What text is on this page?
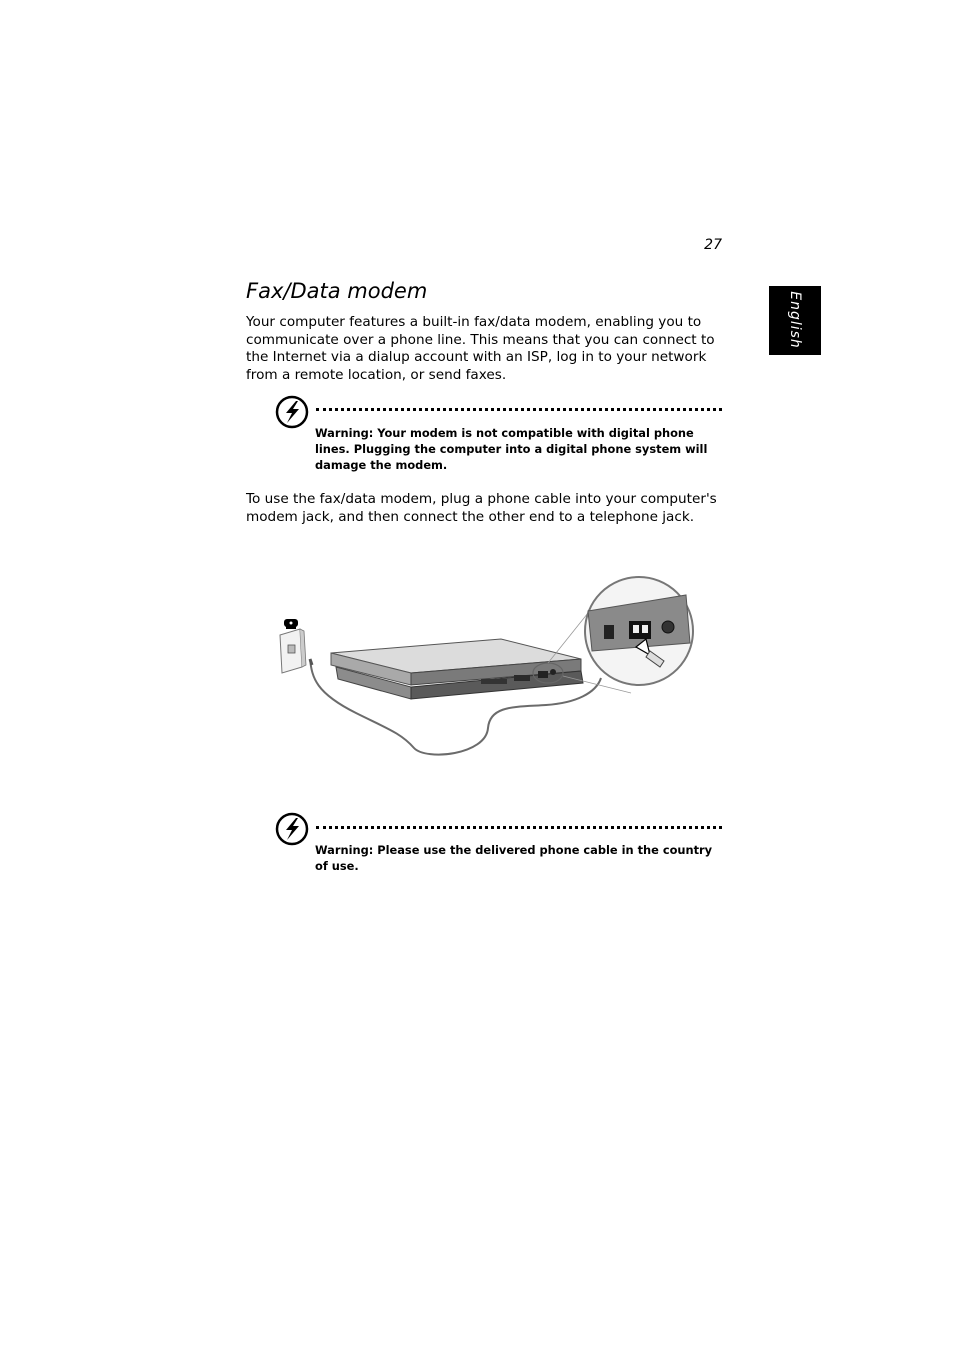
27
English
Fax/Data modem

Your computer features a built-in fax/data modem, enabling you to communicate over a phone line. This means that you can connect to the Internet via a dialup account with an ISP, log in to your network from a remote location, or send faxes.

Warning: Your modem is not compatible with digital phone lines. Plugging the computer into a digital phone system will damage the modem.

To use the fax/data modem, plug a phone cable into your computer's modem jack, and then connect the other end to a telephone jack.

Warning: Please use the delivered phone cable in the country of use.
